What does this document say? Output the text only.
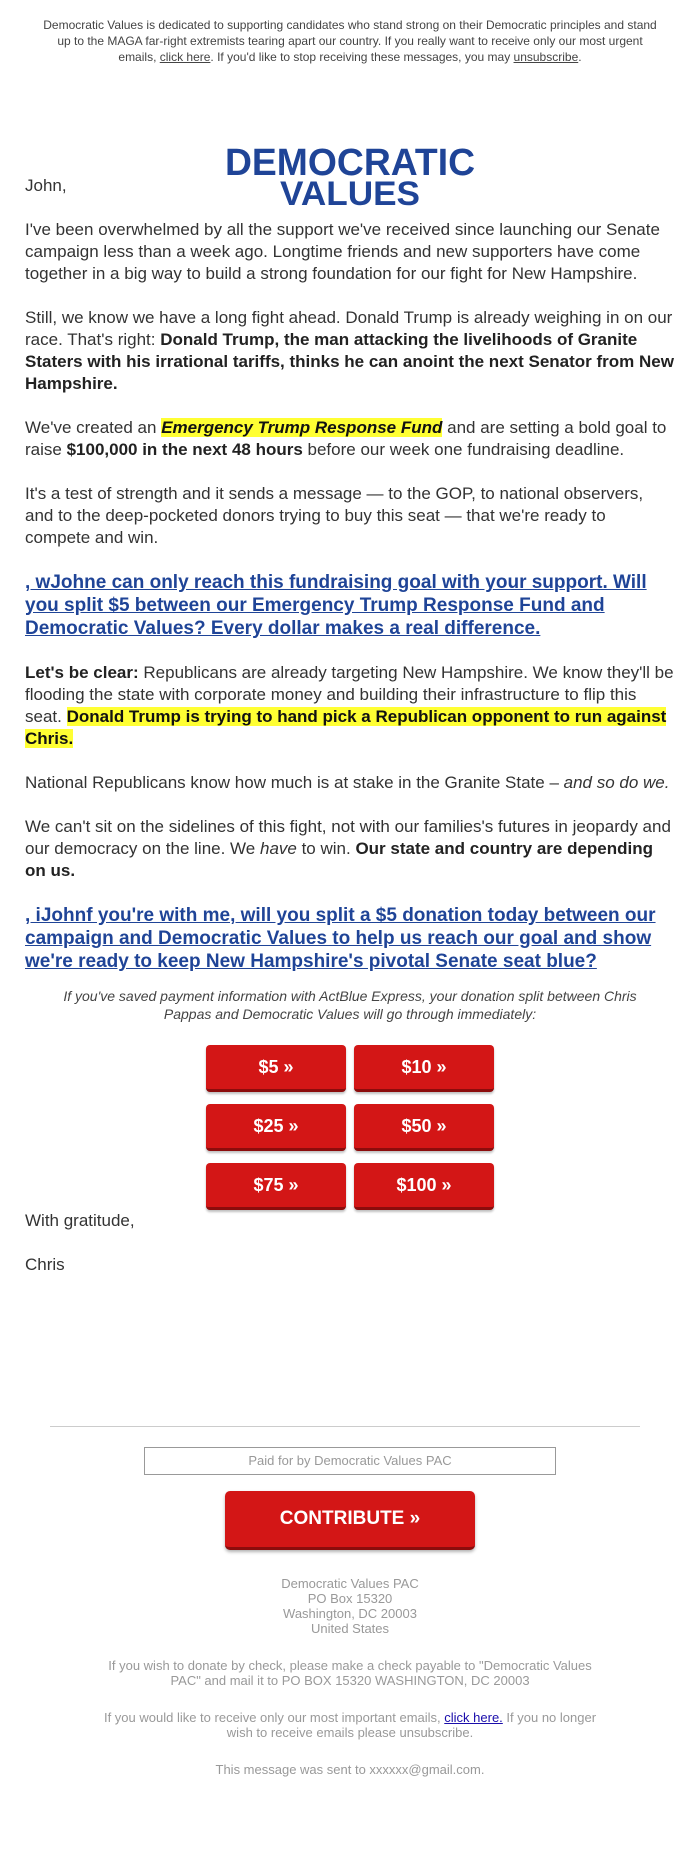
Democratic Values is dedicated to supporting candidates who stand strong on their Democratic principles and stand up to the MAGA far-right extremists tearing apart our country. If you really want to receive only our most urgent emails, click here. If you'd like to stop receiving these messages, you may unsubscribe.
DEMOCRATIC
VALUES

John,

I've been overwhelmed by all the support we've received since launching our Senate campaign less than a week ago. Longtime friends and new supporters have come together in a big way to build a strong foundation for our fight for New Hampshire.

Still, we know we have a long fight ahead. Donald Trump is already weighing in on our race. That's right: Donald Trump, the man attacking the livelihoods of Granite Staters with his irrational tariffs, thinks he can anoint the next Senator from New Hampshire.

We've created an Emergency Trump Response Fund and are setting a bold goal to raise $100,000 in the next 48 hours before our week one fundraising deadline.

It's a test of strength and it sends a message — to the GOP, to national observers, and to the deep-pocketed donors trying to buy this seat — that we're ready to compete and win.

, wJohne can only reach this fundraising goal with your support. Will you split $5 between our Emergency Trump Response Fund and Democratic Values? Every dollar makes a real difference.

Let's be clear: Republicans are already targeting New Hampshire. We know they'll be flooding the state with corporate money and building their infrastructure to flip this seat. Donald Trump is trying to hand pick a Republican opponent to run against Chris.

National Republicans know how much is at stake in the Granite State – and so do we.

We can't sit on the sidelines of this fight, not with our families's futures in jeopardy and our democracy on the line. We have to win. Our state and country are depending on us.

, iJohnf you're with me, will you split a $5 donation today between our campaign and Democratic Values to help us reach our goal and show we're ready to keep New Hampshire's pivotal Senate seat blue?

If you've saved payment information with ActBlue Express, your donation split between Chris Pappas and Democratic Values will go through immediately:

$5 »	$10 »
$25 »	$50 »
$75 »	$100 »

With gratitude,

Chris

Paid for by Democratic Values PAC
CONTRIBUTE »
Democratic Values PAC
PO Box 15320
Washington, DC 20003
United States
If you wish to donate by check, please make a check payable to "Democratic Values PAC" and mail it to PO BOX 15320 WASHINGTON, DC 20003
If you would like to receive only our most important emails, click here. If you no longer wish to receive emails please unsubscribe.
This message was sent to xxxxxx@gmail.com.
